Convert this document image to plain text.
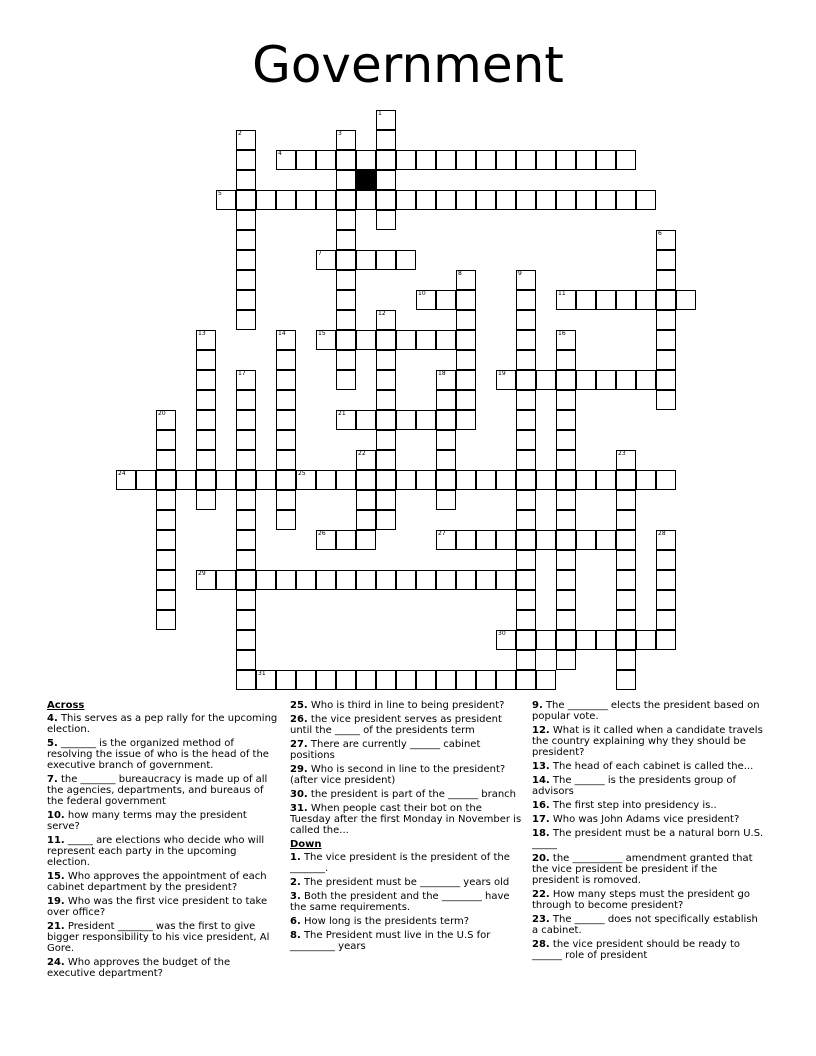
Government
4
5
7
10	11
15
19
21
24	25
26	27
29
30
31
1
2	3
6
8	9
12
13	14	16
17	18
20
22	23
28
Across
4. This serves as a pep rally for the upcoming election.
5. _______ is the organized method of resolving the issue of who is the head of the executive branch of government.
7. the _______ bureaucracy is made up of all the agencies, departments, and bureaus of the federal government
10. how many terms may the president serve?
11. _____ are elections who decide who will represent each party in the upcoming election.
15. Who approves the appointment of each cabinet department by the president?
19. Who was the first vice president to take over office?
21. President _______ was the first to give bigger responsibility to his vice president, Al Gore.
24. Who approves the budget of the executive department?
25. Who is third in line to being president?
26. the vice president serves as president until the _____ of the presidents term
27. There are currently ______ cabinet positions
29. Who is second in line to the president? (after vice president)
30. the president is part of the ______ branch
31. When people cast their bot on the Tuesday after the first Monday in November is called the...
Down
1. The vice president is the president of the _______.
2. The president must be ________ years old
3. Both the president and the ________ have the same requirements.
6. How long is the presidents term?
8. The President must live in the U.S for _________ years
9. The ________ elects the president based on popular vote.
12. What is it called when a candidate travels the country explaining why they should be president?
13. The head of each cabinet is called the...
14. The ______ is the presidents group of advisors
16. The first step into presidency is..
17. Who was John Adams vice president?
18. The president must be a natural born U.S. _____
20. the __________ amendment granted that the vice president be president if the president is romoved.
22. How many steps must the president go through to become president?
23. The ______ does not specifically establish a cabinet.
28. the vice president should be ready to ______ role of president
